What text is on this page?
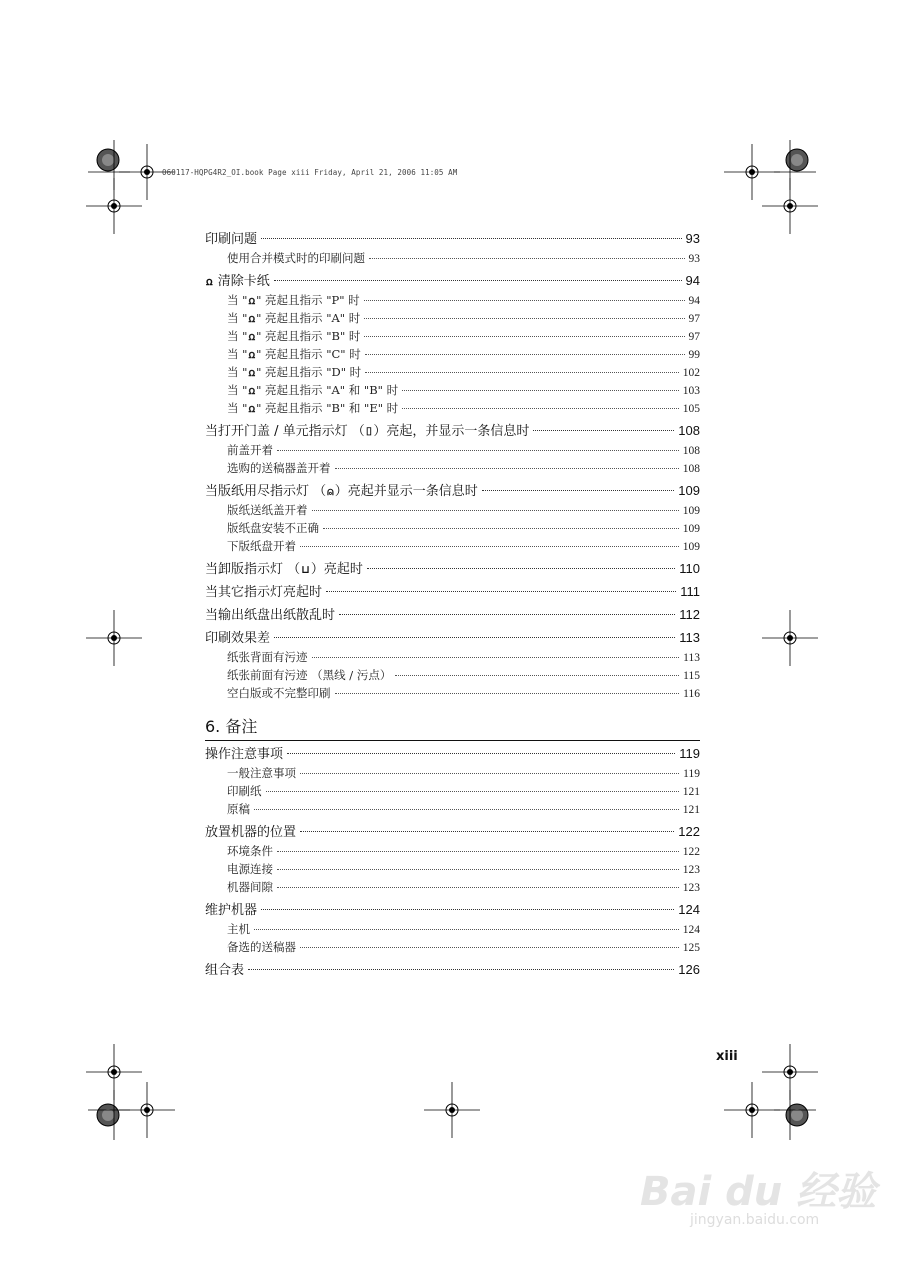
060117-HQPG4R2_OI.book Page xiii Friday, April 21, 2006 11:05 AM
印刷问题	93
使用合并模式时的印刷问题	93
ꭥ 清除卡纸	94
当 "ꭥ" 亮起且指示 "P" 时	94
当 "ꭥ" 亮起且指示 "A" 时	97
当 "ꭥ" 亮起且指示 "B" 时	97
当 "ꭥ" 亮起且指示 "C" 时	99
当 "ꭥ" 亮起且指示 "D" 时	102
当 "ꭥ" 亮起且指示 "A" 和 "B" 时	103
当 "ꭥ" 亮起且指示 "B" 和 "E" 时	105
当打开门盖 / 单元指示灯 （⌷）亮起，并显示一条信息时	108
前盖开着	108
选购的送稿器盖开着	108
当版纸用尽指示灯 （⍝）亮起并显示一条信息时	109
版纸送纸盖开着	109
版纸盘安装不正确	109
下版纸盘开着	109
当卸版指示灯 （⊔）亮起时	110
当其它指示灯亮起时	111
当输出纸盘出纸散乱时	112
印刷效果差	113
纸张背面有污迹	113
纸张前面有污迹 （黑线 / 污点）	115
空白版或不完整印刷	116
6. 备注
操作注意事项	119
一般注意事项	119
印刷纸	121
原稿	121
放置机器的位置	122
环境条件	122
电源连接	123
机器间隙	123
维护机器	124
主机	124
备选的送稿器	125
组合表	126
xiii
Bai du 经验
jingyan.baidu.com
